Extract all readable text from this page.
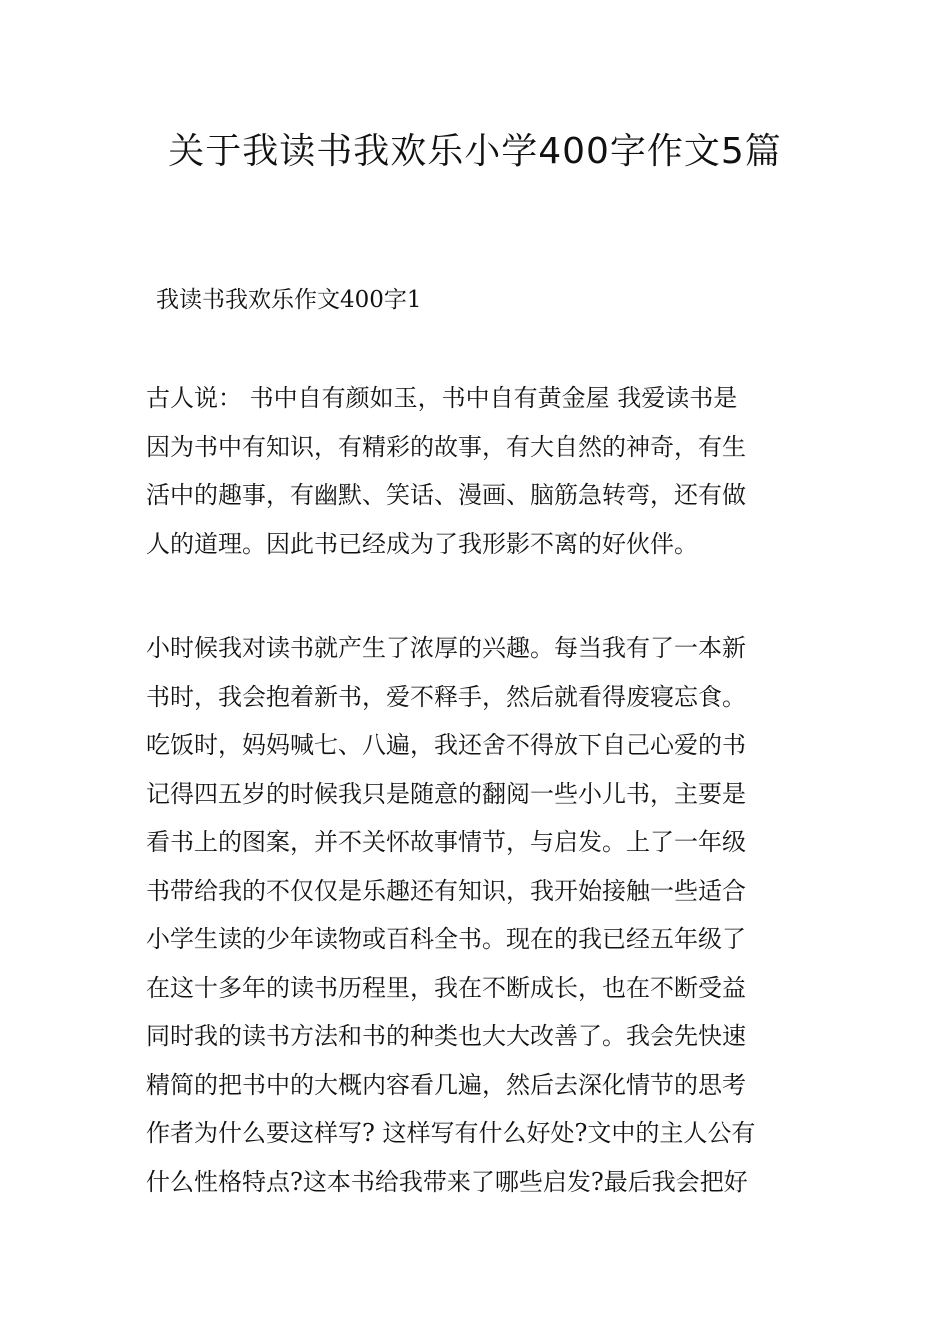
关于我读书我欢乐小学400字作文5篇

我读书我欢乐作文400字1

古人说： 书中自有颜如玉，书中自有黄金屋 我爱读书是
因为书中有知识，有精彩的故事，有大自然的神奇，有生
活中的趣事，有幽默、笑话、漫画、脑筋急转弯，还有做
人的道理。因此书已经成为了我形影不离的好伙伴。
小时候我对读书就产生了浓厚的兴趣。每当我有了一本新
书时，我会抱着新书，爱不释手，然后就看得废寝忘食。
吃饭时，妈妈喊七、八遍，我还舍不得放下自己心爱的书
记得四五岁的时候我只是随意的翻阅一些小儿书，主要是
看书上的图案，并不关怀故事情节，与启发。上了一年级
书带给我的不仅仅是乐趣还有知识，我开始接触一些适合
小学生读的少年读物或百科全书。现在的我已经五年级了
在这十多年的读书历程里，我在不断成长，也在不断受益
同时我的读书方法和书的种类也大大改善了。我会先快速
精简的把书中的大概内容看几遍，然后去深化情节的思考
作者为什么要这样写? 这样写有什么好处?文中的主人公有
什么性格特点?这本书给我带来了哪些启发?最后我会把好
